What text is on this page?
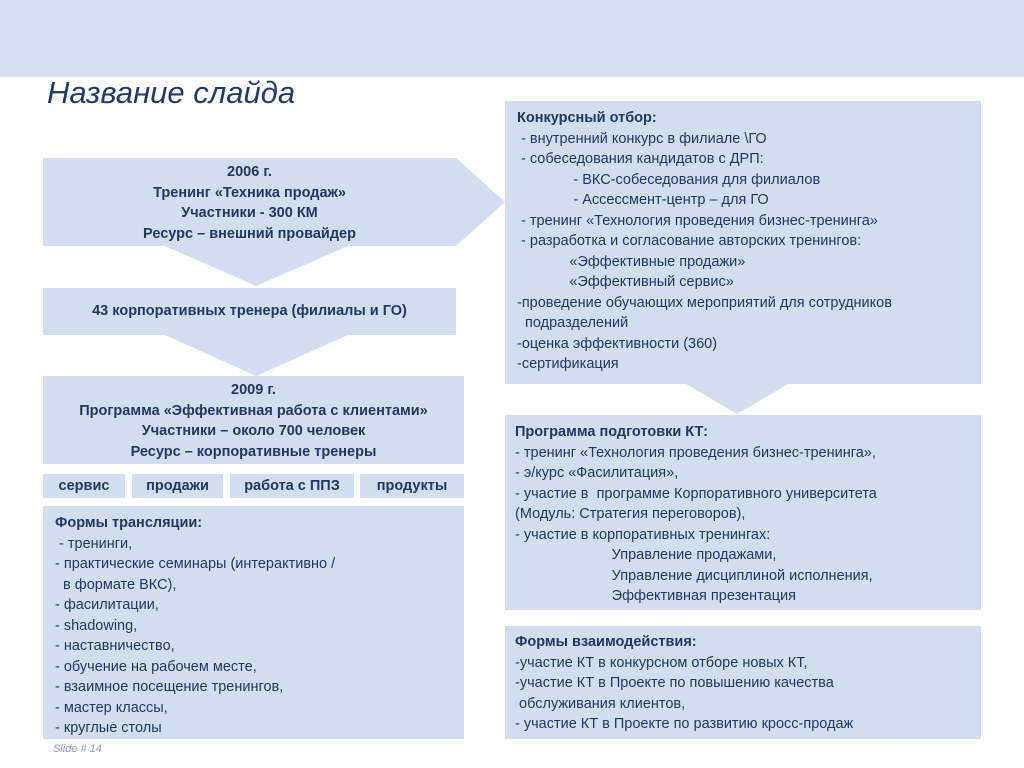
Название слайда
2006 г.
Тренинг «Техника продаж»
Участники - 300 КМ
Ресурс – внешний провайдер
43 корпоративных тренера (филиалы и ГО)
2009 г.
Программа «Эффективная работа с клиентами»
Участники – около 700 человек
Ресурс – корпоративные тренеры
сервис	продажи	работа с ППЗ	продукты
Формы трансляции:
- тренинги,
- практические семинары (интерактивно /
в формате ВКС),
- фасилитации,
- shadowing,
- наставничество,
- обучение на рабочем месте,
- взаимное посещение тренингов,
- мастер классы,
- круглые столы
Конкурсный отбор:
- внутренний конкурс в филиале \ГО
- собеседования кандидатов с ДРП:
- ВКС-собеседования для филиалов
- Ассессмент-центр – для ГО
- тренинг «Технология проведения бизнес-тренинга»
- разработка и согласование авторских тренингов:
«Эффективные продажи»
«Эффективный сервис»
-проведение обучающих мероприятий для сотрудников
подразделений
-оценка эффективности (360)
-сертификация
Программа подготовки КТ:
- тренинг «Технология проведения бизнес-тренинга»,
- э/курс «Фасилитация»,
- участие в  программе Корпоративного университета
(Модуль: Стратегия переговоров),
- участие в корпоративных тренингах:
Управление продажами,
Управление дисциплиной исполнения,
Эффективная презентация
Формы взаимодействия:
-участие КТ в конкурсном отборе новых КТ,
-участие КТ в Проекте по повышению качества
обслуживания клиентов,
- участие КТ в Проекте по развитию кросс-продаж
Slide # 14
